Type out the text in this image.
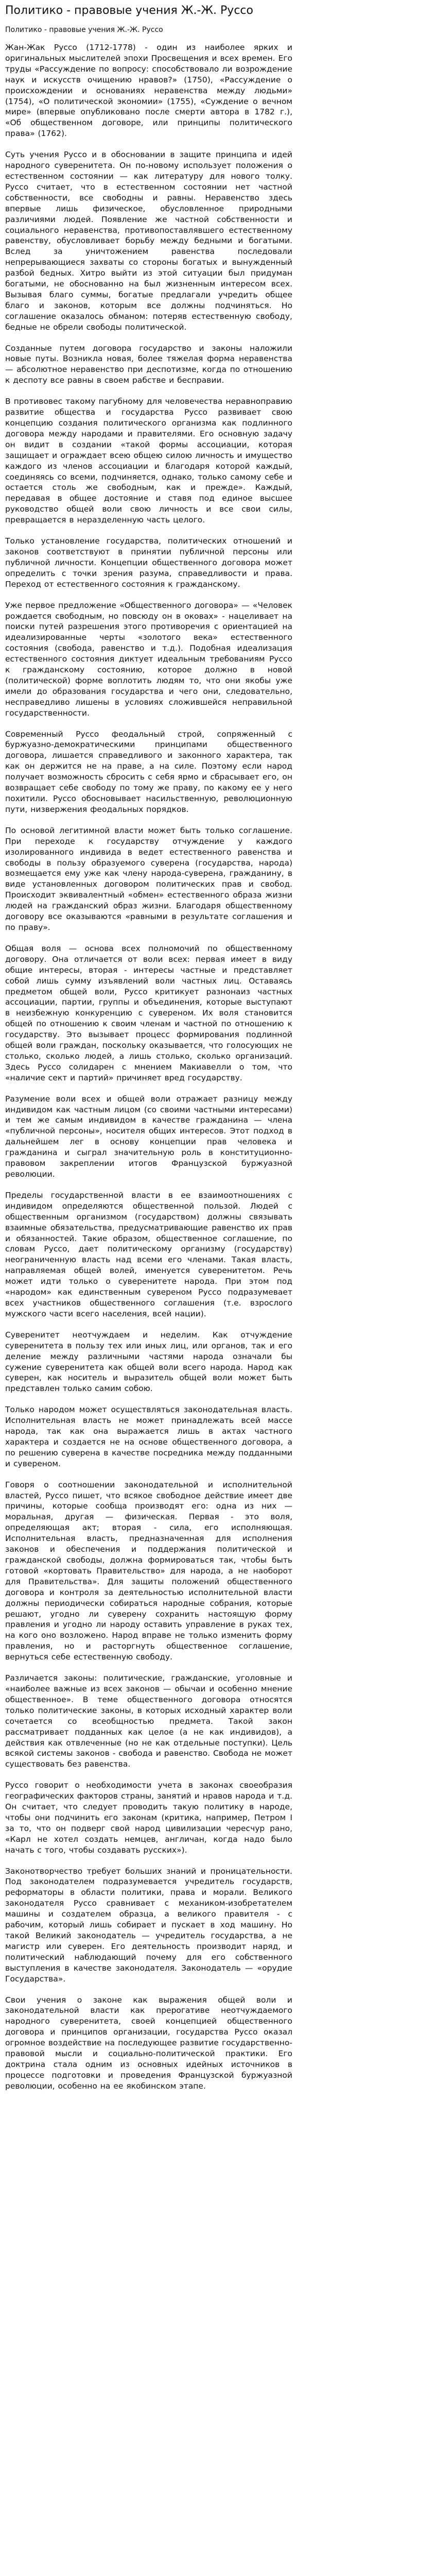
Политико - правовые учения Ж.-Ж. Руссо
Политико - правовые учения Ж.-Ж. Руссо

Жан-Жак Руссо (1712-1778) - один из наиболее ярких и оригинальных мыслителей эпохи Просвещения и всех времен. Его труды «Рассуждение по вопросу: способствовало ли возрождение наук и искусств очищению нравов?» (1750), «Рассуждение о происхождении и основаниях неравенства между людьми» (1754), «О политической экономии» (1755), «Суждение о вечном мире» (впервые опубликовано после смерти автора в 1782 г.), «Об общественном договоре, или принципы политического права» (1762).

Суть учения Руссо и в обосновании в защите принципа и идей народного суверенитета. Он по-новому использует положения о естественном состоянии — как литературу для нового толку. Руссо считает, что в естественном состоянии нет частной собственности, все свободны и равны. Неравенство здесь впервые лишь физическое, обусловленное природными различиями людей. Появление же частной собственности и социального неравенства, противопоставлявшего естественному равенству, обусловливает борьбу между бедными и богатыми. Вслед за уничтожением равенства последовали непрерывающиеся захваты со стороны богатых и вынужденный разбой бедных. Хитро выйти из этой ситуации был придуман богатыми, не обоснованно на был жизненным интересом всех. Вызывая благо суммы, богатые предлагали учредить общее благо и законов, которым все должны подчиняться. Но соглашение оказалось обманом: потеряв естественную свободу, бедные не обрели свободы политической.

Созданные путем договора государство и законы наложили новые путы. Возникла новая, более тяжелая форма неравенства — абсолютное неравенство при деспотизме, когда по отношению к деспоту все равны в своем рабстве и бесправии.

В противовес такому пагубному для человечества неравноправию развитие общества и государства Руссо развивает свою концепцию создания политического организма как подлинного договора между народами и правителями. Его основную задачу он видит в создании «такой формы ассоциации, которая защищает и ограждает всею общею силою личность и имущество каждого из членов ассоциации и благодаря которой каждый, соединяясь со всеми, подчиняется, однако, только самому себе и остается столь же свободным, как и прежде». Каждый, передавая в общее достояние и ставя под единое высшее руководство общей воли свою личность и все свои силы, превращается в неразделенную часть целого.

Только установление государства, политических отношений и законов соответствуют в принятии публичной персоны или публичной личности. Концепции общественного договора может определить с точки зрения разума, справедливости и права. Переход от естественного состояния к гражданскому.

Уже первое предложение «Общественного договора» — «Человек рождается свободным, но повсюду он в оковах» - нацеливает на поиски путей разрешения этого противоречия с ориентацией на идеализированные черты «золотого века» естественного состояния (свобода, равенство и т.д.). Подобная идеализация естественного состояния диктует идеальным требованиям Руссо к гражданскому состоянию, которое должно в новой (политической) форме воплотить людям то, что они якобы уже имели до образования государства и чего они, следовательно, несправедливо лишены в условиях сложившейся неправильной государственности.

Современный Руссо феодальный строй, сопряженный с буржуазно-демократическими принципами общественного договора, лишается справедливого и законного характера, так как он держится не на праве, а на силе. Поэтому если народ получает возможность сбросить с себя ярмо и сбрасывает его, он возвращает себе свободу по тому же праву, по какому ее у него похитили. Руссо обосновывает насильственную, революционную пути, низвержения феодальных порядков.

По основой легитимной власти может быть только соглашение. При переходе к государству отчуждение у каждого изолированного индивида в ведет естественного равенства и свободы в пользу образуемого суверена (государства, народа) возмещается ему уже как члену народа-суверена, гражданину, в виде установленных договором политических прав и свобод. Происходит эквивалентный «обмен» естественного образа жизни людей на гражданский образ жизни. Благодаря общественному договору все оказываются «равными в результате соглашения и по праву».

Общая воля — основа всех полномочий по общественному договору. Она отличается от воли всех: первая имеет в виду общие интересы, вторая - интересы частные и представляет собой лишь сумму изъявлений воли частных лиц. Оставаясь предметом общей воли, Руссо критикует разнонаиз частных ассоциации, партии, группы и объединения, которые выступают в неизбежную конкуренцию с сувереном. Их воля становится общей по отношению к своим членам и частной по отношению к государству. Это вызывает процесс формирования подлинной общей воли граждан, поскольку оказывается, что голосующих не столько, сколько людей, а лишь столько, сколько организаций. Здесь Руссо солидарен с мнением Макиавелли о том, что «наличие сект и партий» причиняет вред государству.

Разумение воли всех и общей воли отражает разницу между индивидом как частным лицом (со своими частными интересами) и тем же самым индивидом в качестве гражданина — члена «публичной персоны», носителя общих интересов. Этот подход в дальнейшем лег в основу концепции прав человека и гражданина и сыграл значительную роль в конституционно-правовом закреплении итогов Французской буржуазной революции.

Пределы государственной власти в ее взаимоотношениях с индивидом определяются общественной пользой. Людей с общественным организмом (государством) должны связывать взаимные обязательства, предусматривающие равенство их прав и обязанностей. Такие образом, общественное соглашение, по словам Руссо, дает политическому организму (государству) неограниченную власть над всеми его членами. Такая власть, направляемая общей волей, именуется суверенитетом. Речь может идти только о суверенитете народа. При этом под «народом» как единственным сувереном Руссо подразумевает всех участников общественного соглашения (т.е. взрослого мужского части всего населения, всей нации).

Суверенитет неотчуждаем и неделим. Как отчуждение суверенитета в пользу тех или иных лиц, или органов, так и его деление между различными частями народа означали бы сужение суверенитета как общей воли всего народа. Народ как суверен, как носитель и выразитель общей воли может быть представлен только самим собою.

Только народом может осуществляться законодательная власть. Исполнительная власть не может принадлежать всей массе народа, так как она выражается лишь в актах частного характера и создается не на основе общественного договора, а по решению суверена в качестве посредника между подданными и сувереном.

Говоря о соотношении законодательной и исполнительной властей, Руссо пишет, что всякое свободное действие имеет две причины, которые сообща производят его: одна из них — моральная, другая — физическая. Первая - это воля, определяющая акт; вторая - сила, его исполняющая. Исполнительная власть, предназначенная для исполнения законов и обеспечения и поддержания политической и гражданской свободы, должна формироваться так, чтобы быть готовой «кортовать Правительство» для народа, а не наоборот для Правительства». Для защиты положений общественного договора и контроля за деятельностью исполнительной власти должны периодически собираться народные собрания, которые решают, угодно ли суверену сохранить настоящую форму правления и угодно ли народу оставить управление в руках тех, на кого оно возложено. Народ вправе не только изменить форму правления, но и расторгнуть общественное соглашение, вернуться себе естественную свободу.

Различается законы: политические, гражданские, уголовные и «наиболее важные из всех законов — обычаи и особенно мнение общественное». В теме общественного договора относятся только политические законы, в которых исходный характер воли сочетается со всеобщностью предмета. Такой закон рассматривает подданных как целое (а не как индивидов), а действия как отвлеченные (но не как отдельные поступки). Цель всякой системы законов - свобода и равенство. Свобода не может существовать без равенства.

Руссо говорит о необходимости учета в законах своеобразия географических факторов страны, занятий и нравов народа и т.д. Он считает, что следует проводить такую политику в народе, чтобы они подчинить его законам (критика, например, Петром I за то, что он подверг свой народ цивилизации чересчур рано, «Карл не хотел создать немцев, англичан, когда надо было начать с того, чтобы создавать русских»).

Законотворчество требует больших знаний и проницательности. Под законодателем подразумевается учредитель государств, реформаторы в области политики, права и морали. Великого законодателя Руссо сравнивает с механиком-изобретателем машины и создателем образца, а великого правителя - с рабочим, который лишь собирает и пускает в ход машину. Но такой Великий законодатель — учредитель государства, а не магистр или суверен. Его деятельность производит наряд, и политический наблюдающий почему для его собственного выступления в качестве законодателя. Законодатель — «орудие Государства».

Свои учения о законе как выражения общей воли и законодательной власти как прерогативе неотчуждаемого народного суверенитета, своей концепцией общественного договора и принципов организации, государства Руссо оказал огромное воздействие на последующее развитие государственно-правовой мысли и социально-политической практики. Его доктрина стала одним из основных идейных источников в процессе подготовки и проведения Французской буржуазной революции, особенно на ее якобинском этапе.
